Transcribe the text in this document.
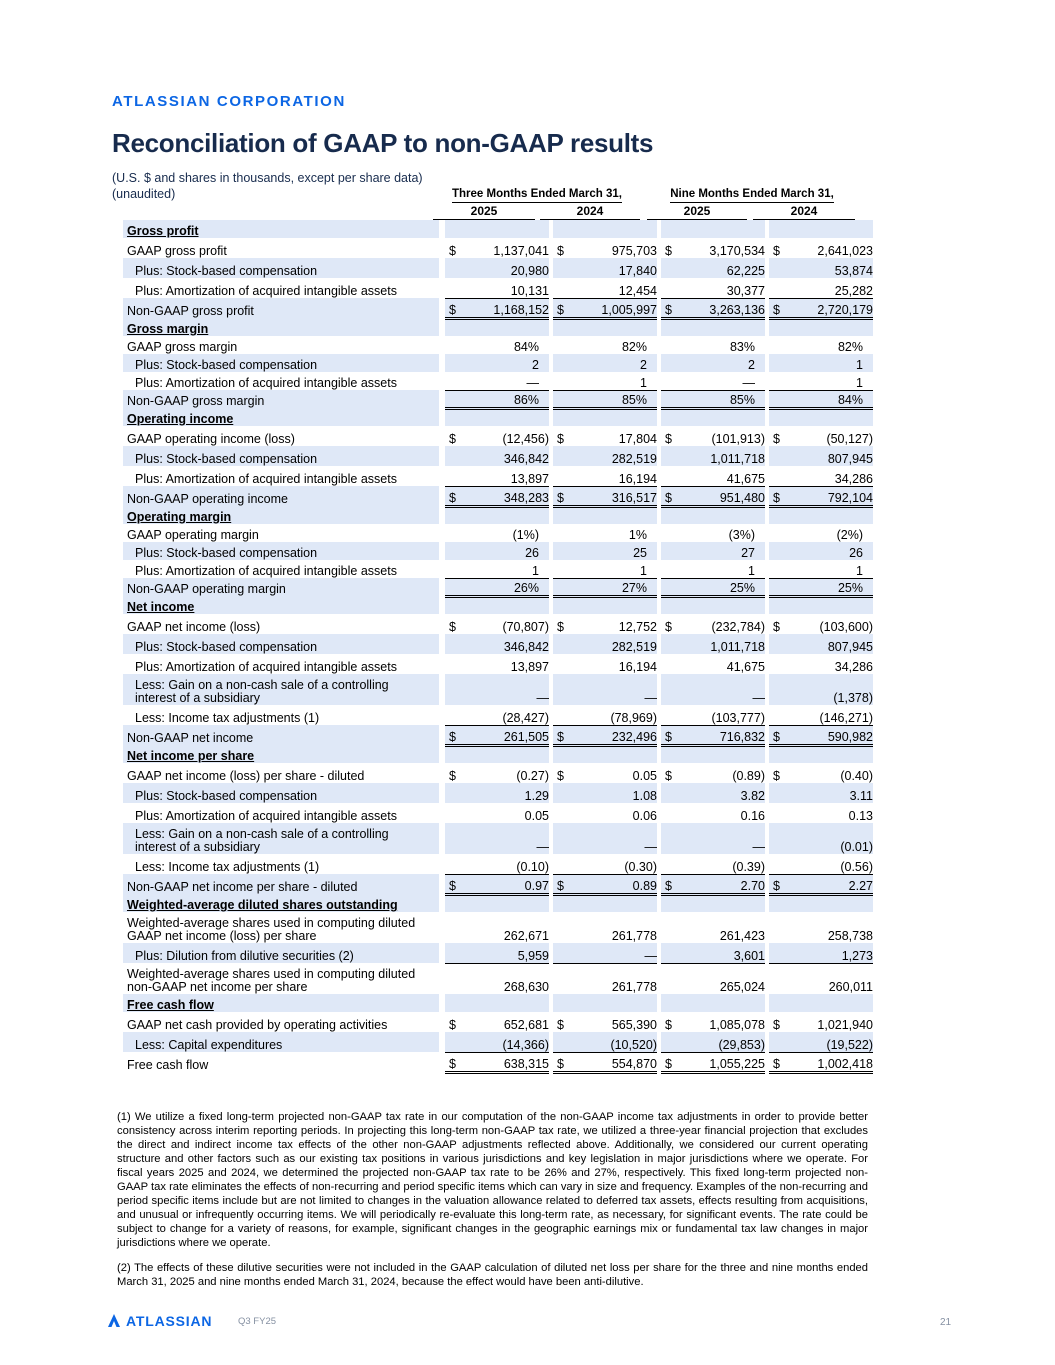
ATLASSIAN CORPORATION
Reconciliation of GAAP to non-GAAP results
(U.S. $ and shares in thousands, except per share data)
(unaudited)	Three Months Ended March 31,	Nine Months Ended March 31,
2025	2024	2025	2024
Gross profit												

GAAP gross profit		$	1,137,041		$	975,703		$	3,170,534		$	2,641,023

Plus: Stock-based compensation			20,980			17,840			62,225			53,874

Plus: Amortization of acquired intangible assets			10,131			12,454			30,377			25,282

Non-GAAP gross profit		$	1,168,152		$	1,005,997		$	3,263,136		$	2,720,179

Gross margin												

GAAP gross margin			84%			82%			83%			82%

Plus: Stock-based compensation			2			2			2			1

Plus: Amortization of acquired intangible assets			—			1			—			1

Non-GAAP gross margin			86%			85%			85%			84%

Operating income												

GAAP operating income (loss)		$	(12,456)		$	17,804		$	(101,913)		$	(50,127)

Plus: Stock-based compensation			346,842			282,519			1,011,718			807,945

Plus: Amortization of acquired intangible assets			13,897			16,194			41,675			34,286

Non-GAAP operating income		$	348,283		$	316,517		$	951,480		$	792,104

Operating margin												

GAAP operating margin			(1%)			1%			(3%)			(2%)

Plus: Stock-based compensation			26			25			27			26

Plus: Amortization of acquired intangible assets			1			1			1			1

Non-GAAP operating margin			26%			27%			25%			25%

Net income												

GAAP net income (loss)		$	(70,807)		$	12,752		$	(232,784)		$	(103,600)

Plus: Stock-based compensation			346,842			282,519			1,011,718			807,945

Plus: Amortization of acquired intangible assets			13,897			16,194			41,675			34,286

Less: Gain on a non-cash sale of a controlling
interest of a subsidiary			—			—			—			(1,378)

Less: Income tax adjustments (1)			(28,427)			(78,969)			(103,777)			(146,271)

Non-GAAP net income		$	261,505		$	232,496		$	716,832		$	590,982

Net income per share												

GAAP net income (loss) per share - diluted		$	(0.27)		$	0.05		$	(0.89)		$	(0.40)

Plus: Stock-based compensation			1.29			1.08			3.82			3.11

Plus: Amortization of acquired intangible assets			0.05			0.06			0.16			0.13

Less: Gain on a non-cash sale of a controlling
interest of a subsidiary			—			—			—			(0.01)

Less: Income tax adjustments (1)			(0.10)			(0.30)			(0.39)			(0.56)

Non-GAAP net income per share - diluted		$	0.97		$	0.89		$	2.70		$	2.27

Weighted-average diluted shares outstanding												

Weighted-average shares used in computing diluted
GAAP net income (loss) per share			262,671			261,778			261,423			258,738

Plus: Dilution from dilutive securities (2)			5,959			—			3,601			1,273

Weighted-average shares used in computing diluted
non-GAAP net income per share			268,630			261,778			265,024			260,011

Free cash flow												

GAAP net cash provided by operating activities		$	652,681		$	565,390		$	1,085,078		$	1,021,940

Less: Capital expenditures			(14,366)			(10,520)			(29,853)			(19,522)

Free cash flow		$	638,315		$	554,870		$	1,055,225		$	1,002,418
(1) We utilize a fixed long-term projected non-GAAP tax rate in our computation of the non-GAAP income tax adjustments in order to provide better consistency across interim reporting periods. In projecting this long-term non-GAAP tax rate, we utilized a three-year financial projection that excludes the direct and indirect income tax effects of the other non-GAAP adjustments reflected above. Additionally, we considered our current operating structure and other factors such as our existing tax positions in various jurisdictions and key legislation in major jurisdictions where we operate. For fiscal years 2025 and 2024, we determined the projected non-GAAP tax rate to be 26% and 27%, respectively. This fixed long-term projected non-GAAP tax rate eliminates the effects of non-recurring and period specific items which can vary in size and frequency. Examples of the non-recurring and period specific items include but are not limited to changes in the valuation allowance related to deferred tax assets, effects resulting from acquisitions, and unusual or infrequently occurring items. We will periodically re-evaluate this long-term rate, as necessary, for significant events. The rate could be subject to change for a variety of reasons, for example, significant changes in the geographic earnings mix or fundamental tax law changes in major jurisdictions where we operate.
(2) The effects of these dilutive securities were not included in the GAAP calculation of diluted net loss per share for the three and nine months ended March 31, 2025 and nine months ended March 31, 2024, because the effect would have been anti-dilutive.
ATLASSIAN	Q3 FY25	21
